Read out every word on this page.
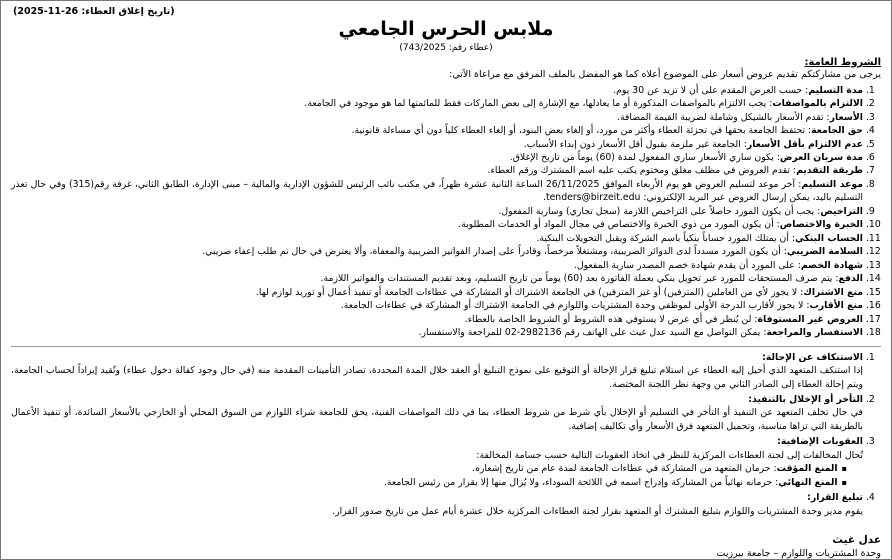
(تاريخ إغلاق العطاء: 26-11-2025)
ملابس الحرس الجامعي
(عطاء رقم: 743/2025)
الشروط العامة:
يرجى من مشاركتكم تقديم عروض أسعار على الموضوع أعلاه كما هو المفضل بالملف المرفق مع مراعاة الآتي:
1. مدة التسليم: حسب العرض المقدم على أن لا تزيد عن 30 يوم.
2. الالتزام بالمواصفات: يجب الالتزام بالمواصفات المذكورة أو ما يعادلها، مع الإشارة إلى بعض الماركات فقط للمائمتها لما هو موجود في الجامعة.
3. الأسعار: تقدم الأسعار بالشيكل وشاملة لضريبة القيمة المضافة.
4. حق الجامعة: تحتفظ الجامعة بحقها في تجزئة العطاء وأكثر من مورد، أو إلغاء بعض البنود، أو إلغاء العطاء كلياً دون أي مساءلة قانونية.
5. عدم الالتزام بأقل الأسعار: الجامعة غير ملزمة بقبول أقل الأسعار دون إبداء الأسباب.
6. مدة سريان العرض: يكون ساري الأسعار ساري المفعول لمدة (60) يوماً من تاريخ الإغلاق.
7. طريقة التقديم: تقدم العروض في مظلف مغلق ومختوم يكتب عليه اسم المشترك ورقم العطاء.
8. موعد التسليم: آخر موعد لتسليم العروض هو يوم الأربعاء الموافق 26/11/2025 الساعة الثانية عشرة ظهراً، في مكتب نائب الرئيس للشؤون الإدارية والمالية – مبنى الإدارة، الطابق الثاني، غرفة رقم(315) وفي حال تعذر التسليم باليد، يمكن إرسال العروض عبر البريد الإلكتروني: tenders@birzeit.edu.
9. التراخيص: يجب أن يكون المورد حاصلاً على التراخيص اللازمة (سجل تجاري) وسارية المفعول.
10. الخبرة والاختصاص: أن يكون المورد من ذوي الخبرة والاختصاص في مجال المواد أو الخدمات المطلوبة.
11. الحساب البنكي: أن يمتلك المورد حساباً بنكياً باسم الشركة ويقبل التحويلات البنكية.
12. السلامة الضريبي: أن يكون المورد مسدداً لدى الدوائر الضريبية، ومشتغلاً مرخصاً، وقادراً على إصدار الفواتير الضريبية والمعفاة، وألا يعترض في حال تم طلب إعفاء ضريبي.
13. شهادة الخصم: على المورد أن يقدم شهادة خصم المصدر سارية المفعول.
14. الدفع: يتم صرف المستحقات للمورد عبر تحويل بنكي بعملة الفاتورة بعد (60) يوماً من تاريخ التسليم، وبعد تقديم المستندات والفواتير اللازمة.
15. منع الاشتراك: لا يجوز لأي من العاملين (المترفين) أو غير المترفين) في الجامعة الاشتراك أو المشاركة في عطاءات الجامعة أو تنفيذ أعمال أو توريد لوازم لها.
16. منع الأقارب: لا يجوز لأقارب الدرجة الأولى لموظفي وحدة المشتريات واللوازم في الجامعة الاشتراك أو المشاركة في عطاءات الجامعة.
17. العروض غير المستوفاة: لن يُنظر في أي عرض لا يستوفي هذه الشروط أو الشروط الخاصة بالعطاء.
18. الاستفسار والمراجعة: يمكن التواصل مع السيد عدل غيث على الهاتف رقم 2982136-02 للمراجعة والاستفسار.
1. الاستنكاف عن الإحالة:
إذا استنكف المتعهد الذي أحيل إليه العطاء عن استلام تبليغ قرار الإحالة أو التوقيع على نموذج التبليغ أو العقد خلال المدة المحددة، تصادر التأمينات المقدمة منه (في حال وجود كفالة دخول عطاء) وتُقيد إيراداً لحساب الجامعة، ويتم إحالة العطاء إلى الصادر الثاني من وجهة نظر اللجنة المختصة.
2. التأخر أو الإخلال بالتنفيذ:
في حال تخلف المتعهد عن التنفيذ أو التأخر في التسليم أو الإخلال بأي شرط من شروط العطاء، بما في ذلك المواصفات الفنية، يحق للجامعة شراء اللوازم من السوق المحلي أو الخارجي بالأسعار السائدة، أو تنفيذ الأعمال بالطريقة التي تراها مناسبة، وتحميل المتعهد فرق الأسعار وأي تكاليف إضافية.
3. العقوبات الإضافية:
تُحال المخالفات إلى لجنة العطاءات المركزية للنظر في اتخاذ العقوبات التالية حسب جسامة المخالفة:
▪ المنع المؤقت: حرمان المتعهد من المشاركة في عطاءات الجامعة لمدة عام من تاريخ إشعاره.
▪ المنع النهائي: حرمانه نهائياً من المشاركة وإدراج اسمه في اللائحة السوداء، ولا يُزال منها إلا بقرار من رئيس الجامعة.
4. تبليغ القرار:
يقوم مدير وحدة المشتريات واللوازم بتبليغ المشترك أو المتعهد بقرار لجنة العطاءات المركزية خلال عشرة أيام عمل من تاريخ صدور القرار.
عدل غيث
وحدة المشتريات واللوازم – جامعة بيرزيت
